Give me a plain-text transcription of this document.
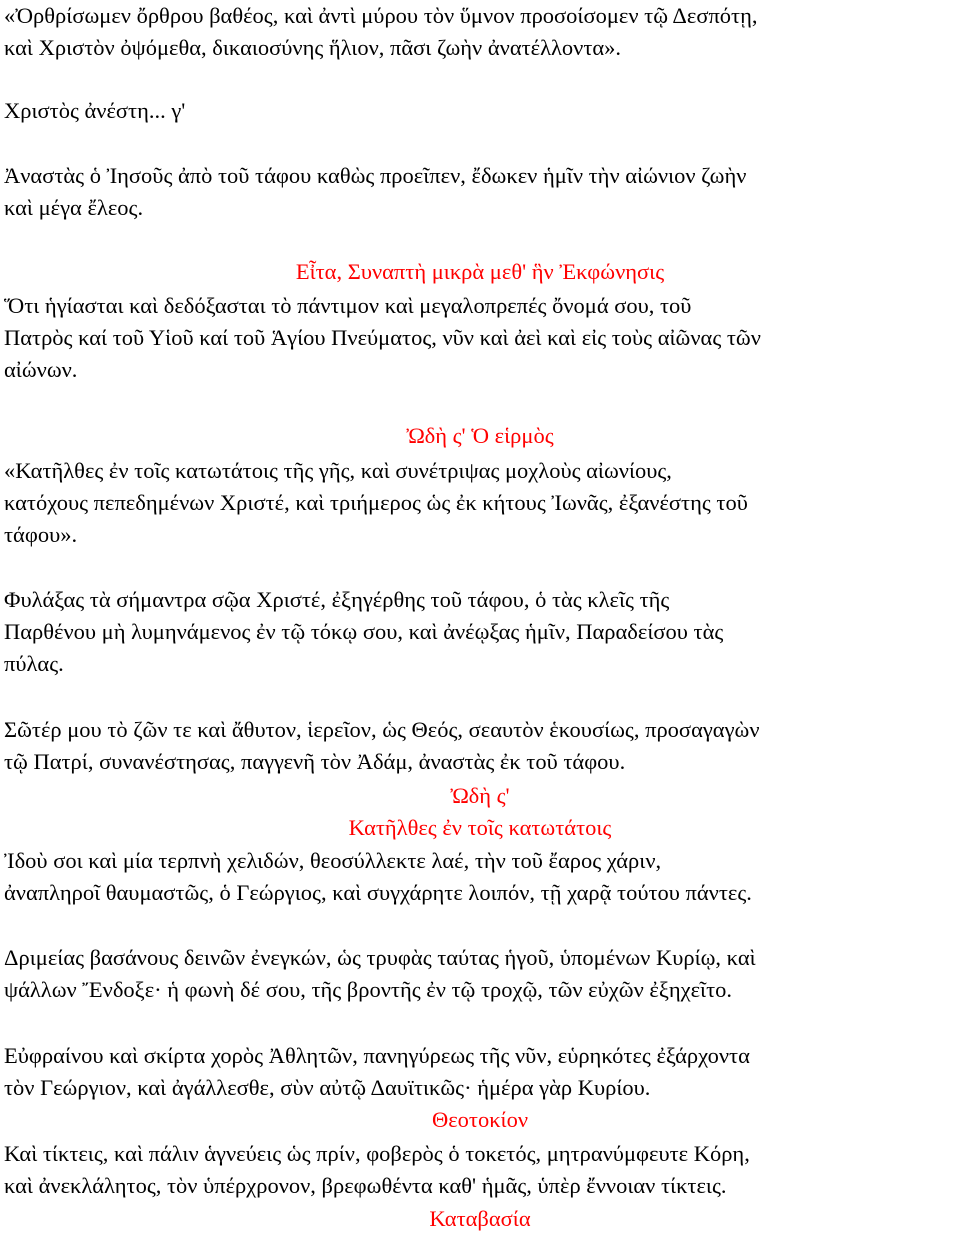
«Ὀρθρίσωμεν ὄρθρου βαθέος, καὶ ἀντὶ μύρου τὸν ὕμνον προσοίσομεν τῷ Δεσπότῃ,
καὶ Χριστὸν ὀψόμεθα, δικαιοσύνης ἥλιον, πᾶσι ζωὴν ἀνατέλλοντα».
Χριστὸς ἀνέστη... γ'
Ἀναστὰς ὁ Ἰησοῦς ἀπὸ τοῦ τάφου καθὼς προεῖπεν, ἔδωκεν ἡμῖν τὴν αἰώνιον ζωὴν
καὶ μέγα ἔλεος.
Εἶτα, Συναπτὴ μικρὰ μεθ' ἣν Ἐκφώνησις
Ὅτι ἡγίασται καὶ δεδόξασται τὸ πάντιμον καὶ μεγαλοπρεπές ὄνομά σου, τοῦ
Πατρὸς καί τοῦ Υἱοῦ καί τοῦ Ἁγίου Πνεύματος, νῦν καὶ ἀεὶ καὶ εἰς τοὺς αἰῶνας τῶν
αἰώνων.
Ὠδὴ ς' Ὁ εἱρμὸς
«Κατῆλθες ἐν τοῖς κατωτάτοις τῆς γῆς, καὶ συνέτριψας μοχλοὺς αἰωνίους,
κατόχους πεπεδημένων Χριστέ, καὶ τριήμερος ὡς ἐκ κήτους Ἰωνᾶς, ἐξανέστης τοῦ
τάφου».
Φυλάξας τὰ σήμαντρα σῷα Χριστέ, ἐξηγέρθης τοῦ τάφου, ὁ τὰς κλεῖς τῆς
Παρθένου μὴ λυμηνάμενος ἐν τῷ τόκῳ σου, καὶ ἀνέῳξας ἡμῖν, Παραδείσου τὰς
πύλας.
Σῶτέρ μου τὸ ζῶν τε καὶ ἄθυτον, ἱερεῖον, ὡς Θεός, σεαυτὸν ἑκουσίως, προσαγαγὼν
τῷ Πατρί, συνανέστησας, παγγενῆ τὸν Ἀδάμ, ἀναστὰς ἐκ τοῦ τάφου.
Ὠδὴ ς'
Κατῆλθες ἐν τοῖς κατωτάτοις
Ἰδοὺ σοι καὶ μία τερπνὴ χελιδών, θεοσύλλεκτε λαέ, τὴν τοῦ ἔαρος χάριν,
ἀναπληροῖ θαυμαστῶς, ὁ Γεώργιος, καὶ συγχάρητε λοιπόν, τῇ χαρᾷ τούτου πάντες.
Δριμείας βασάνους δεινῶν ἐνεγκών, ὡς τρυφὰς ταύτας ἡγοῦ, ὑπομένων Κυρίῳ, καὶ
ψάλλων Ἔνδοξε· ἡ φωνὴ δέ σου, τῆς βροντῆς ἐν τῷ τροχῷ, τῶν εὐχῶν ἐξηχεῖτο.
Εὐφραίνου καὶ σκίρτα χορὸς Ἀθλητῶν, πανηγύρεως τῆς νῦν, εὑρηκότες ἐξάρχοντα
τὸν Γεώργιον, καὶ ἀγάλλεσθε, σὺν αὐτῷ Δαυϊτικῶς· ἡμέρα γὰρ Κυρίου.
Θεοτοκίον
Καὶ τίκτεις, καὶ πάλιν ἁγνεύεις ὡς πρίν, φοβερὸς ὁ τοκετός, μητρανύμφευτε Κόρη,
καὶ ἀνεκλάλητος, τὸν ὑπέρχρονον, βρεφωθέντα καθ' ἡμᾶς, ὑπὲρ ἔννοιαν τίκτεις.
Καταβασία
